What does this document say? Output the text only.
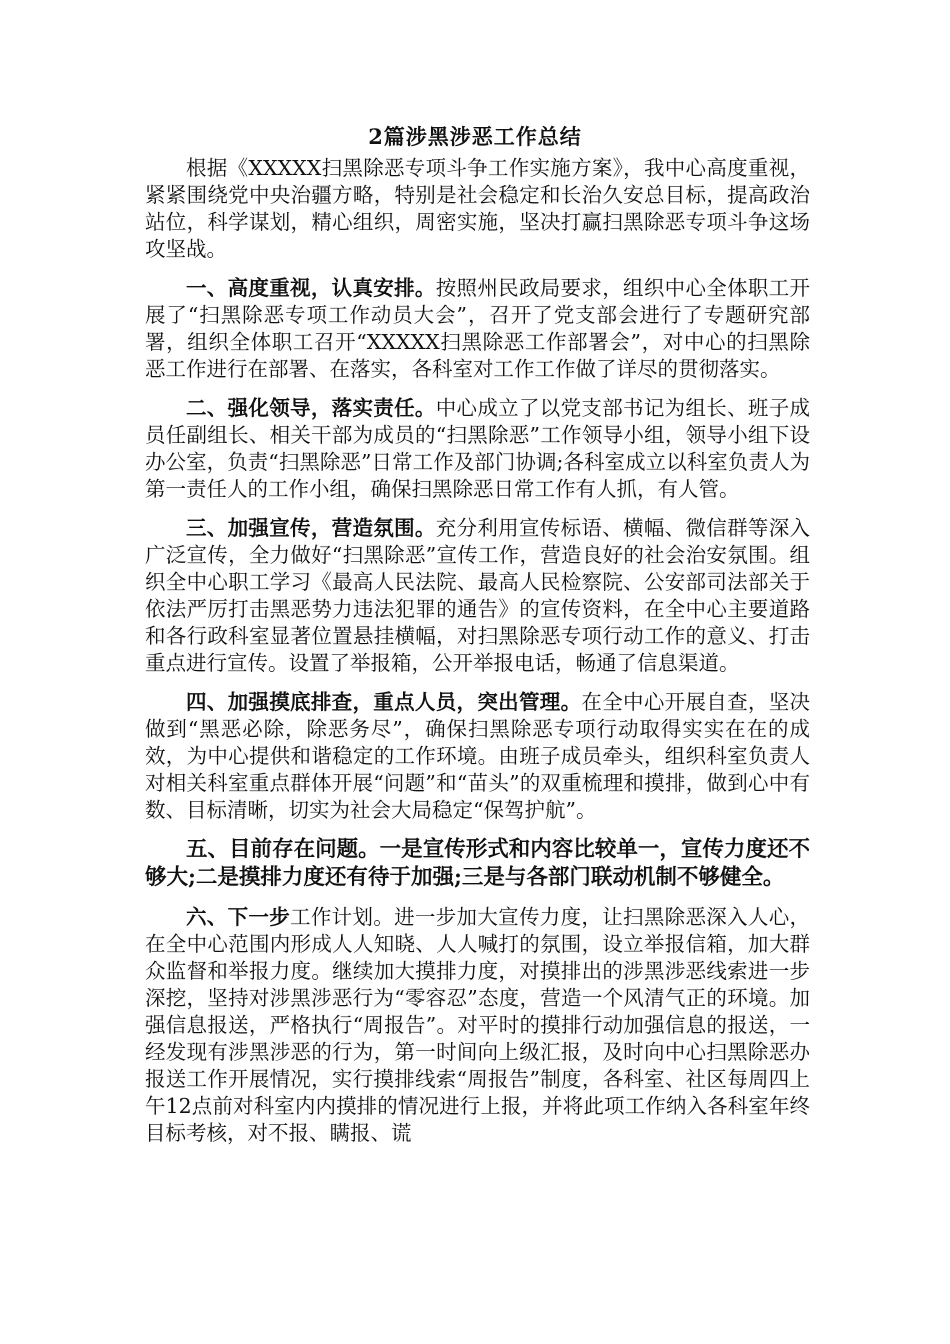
2篇涉黑涉恶工作总结

根据《XXXXX扫黑除恶专项斗争工作实施方案》，我中心高度重视，紧紧围绕党中央治疆方略，特别是社会稳定和长治久安总目标，提高政治站位，科学谋划，精心组织，周密实施，坚决打赢扫黑除恶专项斗争这场攻坚战。

一、高度重视，认真安排。按照州民政局要求，组织中心全体职工开展了“扫黑除恶专项工作动员大会”，召开了党支部会进行了专题研究部署，组织全体职工召开“XXXXX扫黑除恶工作部署会”，对中心的扫黑除恶工作进行在部署、在落实，各科室对工作工作做了详尽的贯彻落实。

二、强化领导，落实责任。中心成立了以党支部书记为组长、班子成员任副组长、相关干部为成员的“扫黑除恶”工作领导小组，领导小组下设办公室，负责“扫黑除恶”日常工作及部门协调;各科室成立以科室负责人为第一责任人的工作小组，确保扫黑除恶日常工作有人抓，有人管。

三、加强宣传，营造氛围。充分利用宣传标语、横幅、微信群等深入广泛宣传，全力做好“扫黑除恶”宣传工作，营造良好的社会治安氛围。组织全中心职工学习《最高人民法院、最高人民检察院、公安部司法部关于依法严厉打击黑恶势力违法犯罪的通告》的宣传资料，在全中心主要道路和各行政科室显著位置悬挂横幅，对扫黑除恶专项行动工作的意义、打击重点进行宣传。设置了举报箱，公开举报电话，畅通了信息渠道。

四、加强摸底排查，重点人员，突出管理。在全中心开展自查，坚决做到“黑恶必除，除恶务尽”，确保扫黑除恶专项行动取得实实在在的成效，为中心提供和谐稳定的工作环境。由班子成员牵头，组织科室负责人对相关科室重点群体开展“问题”和“苗头”的双重梳理和摸排，做到心中有数、目标清晰，切实为社会大局稳定“保驾护航”。

五、目前存在问题。一是宣传形式和内容比较单一，宣传力度还不够大;二是摸排力度还有待于加强;三是与各部门联动机制不够健全。

六、下一步工作计划。进一步加大宣传力度，让扫黑除恶深入人心，在全中心范围内形成人人知晓、人人喊打的氛围，设立举报信箱，加大群众监督和举报力度。继续加大摸排力度，对摸排出的涉黑涉恶线索进一步深挖，坚持对涉黑涉恶行为“零容忍”态度，营造一个风清气正的环境。加强信息报送，严格执行“周报告”。对平时的摸排行动加强信息的报送，一经发现有涉黑涉恶的行为，第一时间向上级汇报，及时向中心扫黑除恶办报送工作开展情况，实行摸排线索“周报告”制度，各科室、社区每周四上午12点前对科室内内摸排的情况进行上报，并将此项工作纳入各科室年终目标考核，对不报、瞒报、谎
